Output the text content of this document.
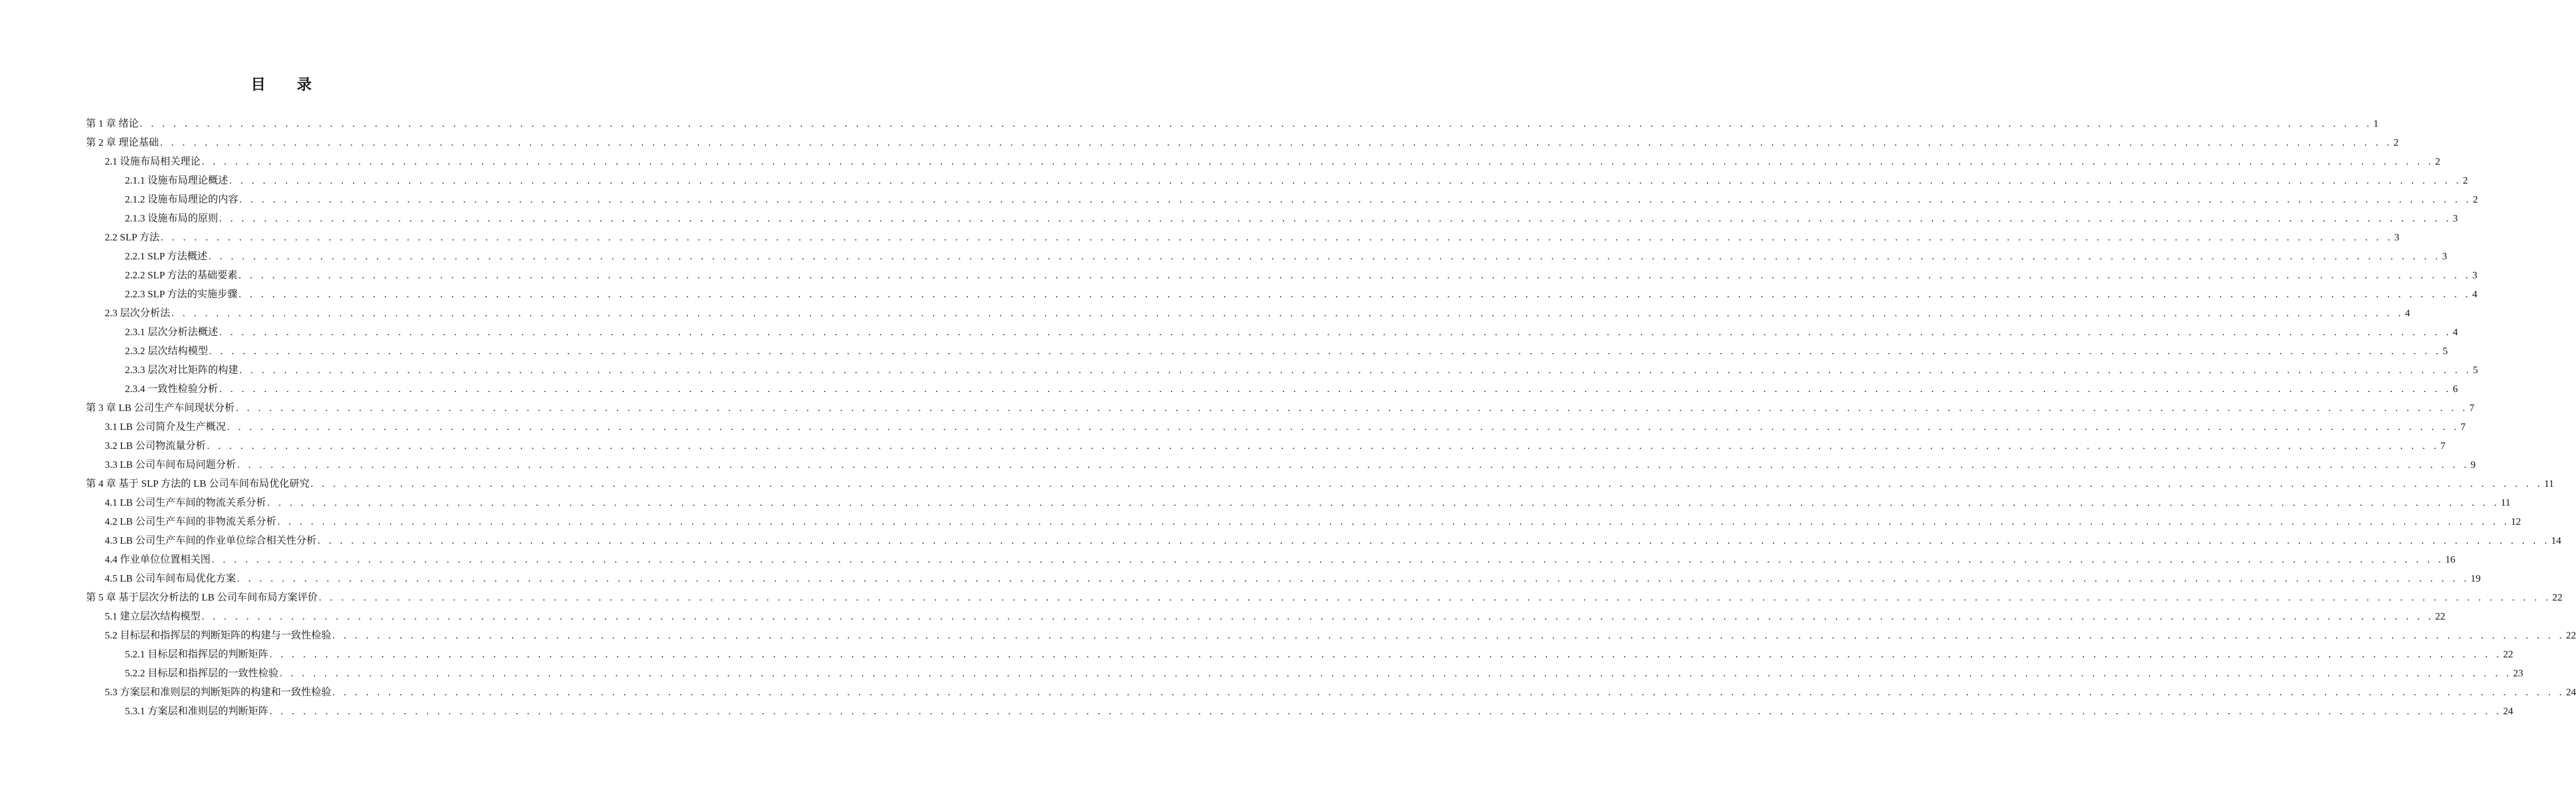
目 录
第 1 章 绪论 . . . . . . . . . . . . . . . . . . . . . . . . . . . . . . . . . . . . . . . . . . . . . . . . . . . . . . . . . . . . . . . . . . . . . . . . . . . . . . . . . . . . . . . . . . . . . . . . . . . . . . . . . . . . . . . . . . . . . . . . . . . . . . . . . . . . . . . . . . . . . . . . . . . . . . . . . . . . . . . . . . . . . . . . . . . . . . . . . . . . . . . . . . . . . . . . . . . . . . . . 1
第 2 章 理论基础 . . . . . . . . . . . . . . . . . . . . . . . . . . . . . . . . . . . . . . . . . . . . . . . . . . . . . . . . . . . . . . . . . . . . . . . . . . . . . . . . . . . . . . . . . . . . . . . . . . . . . . . . . . . . . . . . . . . . . . . . . . . . . . . . . . . . . . . . . . . . . . . . . . . . . . . . . . . . . . . . . . . . . . . . . . . . . . . . . . . . . . . . . . . . . . . . . . . . . . . . 2
2.1 设施布局相关理论 . . . . . . . . . . . . . . . . . . . . . . . . . . . . . . . . . . . . . . . . . . . . . . . . . . . . . . . . . . . . . . . . . . . . . . . . . . . . . . . . . . . . . . . . . . . . . . . . . . . . . . . . . . . . . . . . . . . . . . . . . . . . . . . . . . . . . . . . . . . . . . . . . . . . . . . . . . . . . . . . . . . . . . . . . . . . . . . . . . . . . . . . . . . . . . . . . . . . . . . . 2
2.1.1 设施布局理论概述 . . . . . . . . . . . . . . . . . . . . . . . . . . . . . . . . . . . . . . . . . . . . . . . . . . . . . . . . . . . . . . . . . . . . . . . . . . . . . . . . . . . . . . . . . . . . . . . . . . . . . . . . . . . . . . . . . . . . . . . . . . . . . . . . . . . . . . . . . . . . . . . . . . . . . . . . . . . . . . . . . . . . . . . . . . . . . . . . . . . . . . . . . . . . . . . . . . . . . . . . 2
2.1.2 设施布局理论的内容 . . . . . . . . . . . . . . . . . . . . . . . . . . . . . . . . . . . . . . . . . . . . . . . . . . . . . . . . . . . . . . . . . . . . . . . . . . . . . . . . . . . . . . . . . . . . . . . . . . . . . . . . . . . . . . . . . . . . . . . . . . . . . . . . . . . . . . . . . . . . . . . . . . . . . . . . . . . . . . . . . . . . . . . . . . . . . . . . . . . . . . . . . . . . . . . . . . . . . . . . 2
2.1.3 设施布局的原则 . . . . . . . . . . . . . . . . . . . . . . . . . . . . . . . . . . . . . . . . . . . . . . . . . . . . . . . . . . . . . . . . . . . . . . . . . . . . . . . . . . . . . . . . . . . . . . . . . . . . . . . . . . . . . . . . . . . . . . . . . . . . . . . . . . . . . . . . . . . . . . . . . . . . . . . . . . . . . . . . . . . . . . . . . . . . . . . . . . . . . . . . . . . . . . . . . . . . . . . . 3
2.2 SLP 方法 . . . . . . . . . . . . . . . . . . . . . . . . . . . . . . . . . . . . . . . . . . . . . . . . . . . . . . . . . . . . . . . . . . . . . . . . . . . . . . . . . . . . . . . . . . . . . . . . . . . . . . . . . . . . . . . . . . . . . . . . . . . . . . . . . . . . . . . . . . . . . . . . . . . . . . . . . . . . . . . . . . . . . . . . . . . . . . . . . . . . . . . . . . . . . . . . . . . . . . . . 3
2.2.1 SLP 方法概述 . . . . . . . . . . . . . . . . . . . . . . . . . . . . . . . . . . . . . . . . . . . . . . . . . . . . . . . . . . . . . . . . . . . . . . . . . . . . . . . . . . . . . . . . . . . . . . . . . . . . . . . . . . . . . . . . . . . . . . . . . . . . . . . . . . . . . . . . . . . . . . . . . . . . . . . . . . . . . . . . . . . . . . . . . . . . . . . . . . . . . . . . . . . . . . . . . . . . . . . . 3
2.2.2 SLP 方法的基础要素 . . . . . . . . . . . . . . . . . . . . . . . . . . . . . . . . . . . . . . . . . . . . . . . . . . . . . . . . . . . . . . . . . . . . . . . . . . . . . . . . . . . . . . . . . . . . . . . . . . . . . . . . . . . . . . . . . . . . . . . . . . . . . . . . . . . . . . . . . . . . . . . . . . . . . . . . . . . . . . . . . . . . . . . . . . . . . . . . . . . . . . . . . . . . . . . . . . . . . . . . 3
2.2.3 SLP 方法的实施步骤 . . . . . . . . . . . . . . . . . . . . . . . . . . . . . . . . . . . . . . . . . . . . . . . . . . . . . . . . . . . . . . . . . . . . . . . . . . . . . . . . . . . . . . . . . . . . . . . . . . . . . . . . . . . . . . . . . . . . . . . . . . . . . . . . . . . . . . . . . . . . . . . . . . . . . . . . . . . . . . . . . . . . . . . . . . . . . . . . . . . . . . . . . . . . . . . . . . . . . . . . 4
2.3 层次分析法 . . . . . . . . . . . . . . . . . . . . . . . . . . . . . . . . . . . . . . . . . . . . . . . . . . . . . . . . . . . . . . . . . . . . . . . . . . . . . . . . . . . . . . . . . . . . . . . . . . . . . . . . . . . . . . . . . . . . . . . . . . . . . . . . . . . . . . . . . . . . . . . . . . . . . . . . . . . . . . . . . . . . . . . . . . . . . . . . . . . . . . . . . . . . . . . . . . . . . . . . 4
2.3.1 层次分析法概述 . . . . . . . . . . . . . . . . . . . . . . . . . . . . . . . . . . . . . . . . . . . . . . . . . . . . . . . . . . . . . . . . . . . . . . . . . . . . . . . . . . . . . . . . . . . . . . . . . . . . . . . . . . . . . . . . . . . . . . . . . . . . . . . . . . . . . . . . . . . . . . . . . . . . . . . . . . . . . . . . . . . . . . . . . . . . . . . . . . . . . . . . . . . . . . . . . . . . . . . . 4
2.3.2 层次结构模型 . . . . . . . . . . . . . . . . . . . . . . . . . . . . . . . . . . . . . . . . . . . . . . . . . . . . . . . . . . . . . . . . . . . . . . . . . . . . . . . . . . . . . . . . . . . . . . . . . . . . . . . . . . . . . . . . . . . . . . . . . . . . . . . . . . . . . . . . . . . . . . . . . . . . . . . . . . . . . . . . . . . . . . . . . . . . . . . . . . . . . . . . . . . . . . . . . . . . . . . . 5
2.3.3 层次对比矩阵的构建 . . . . . . . . . . . . . . . . . . . . . . . . . . . . . . . . . . . . . . . . . . . . . . . . . . . . . . . . . . . . . . . . . . . . . . . . . . . . . . . . . . . . . . . . . . . . . . . . . . . . . . . . . . . . . . . . . . . . . . . . . . . . . . . . . . . . . . . . . . . . . . . . . . . . . . . . . . . . . . . . . . . . . . . . . . . . . . . . . . . . . . . . . . . . . . . . . . . . . . . . 5
2.3.4 一致性检验分析 . . . . . . . . . . . . . . . . . . . . . . . . . . . . . . . . . . . . . . . . . . . . . . . . . . . . . . . . . . . . . . . . . . . . . . . . . . . . . . . . . . . . . . . . . . . . . . . . . . . . . . . . . . . . . . . . . . . . . . . . . . . . . . . . . . . . . . . . . . . . . . . . . . . . . . . . . . . . . . . . . . . . . . . . . . . . . . . . . . . . . . . . . . . . . . . . . . . . . . . . 6
第 3 章 LB 公司生产车间现状分析 . . . . . . . . . . . . . . . . . . . . . . . . . . . . . . . . . . . . . . . . . . . . . . . . . . . . . . . . . . . . . . . . . . . . . . . . . . . . . . . . . . . . . . . . . . . . . . . . . . . . . . . . . . . . . . . . . . . . . . . . . . . . . . . . . . . . . . . . . . . . . . . . . . . . . . . . . . . . . . . . . . . . . . . . . . . . . . . . . . . . . . . . . . . . . . . . . . . . . . . . 7
3.1 LB 公司简介及生产概况 . . . . . . . . . . . . . . . . . . . . . . . . . . . . . . . . . . . . . . . . . . . . . . . . . . . . . . . . . . . . . . . . . . . . . . . . . . . . . . . . . . . . . . . . . . . . . . . . . . . . . . . . . . . . . . . . . . . . . . . . . . . . . . . . . . . . . . . . . . . . . . . . . . . . . . . . . . . . . . . . . . . . . . . . . . . . . . . . . . . . . . . . . . . . . . . . . . . . . . . . 7
3.2 LB 公司物流量分析 . . . . . . . . . . . . . . . . . . . . . . . . . . . . . . . . . . . . . . . . . . . . . . . . . . . . . . . . . . . . . . . . . . . . . . . . . . . . . . . . . . . . . . . . . . . . . . . . . . . . . . . . . . . . . . . . . . . . . . . . . . . . . . . . . . . . . . . . . . . . . . . . . . . . . . . . . . . . . . . . . . . . . . . . . . . . . . . . . . . . . . . . . . . . . . . . . . . . . . . . 7
3.3 LB 公司车间布局问题分析 . . . . . . . . . . . . . . . . . . . . . . . . . . . . . . . . . . . . . . . . . . . . . . . . . . . . . . . . . . . . . . . . . . . . . . . . . . . . . . . . . . . . . . . . . . . . . . . . . . . . . . . . . . . . . . . . . . . . . . . . . . . . . . . . . . . . . . . . . . . . . . . . . . . . . . . . . . . . . . . . . . . . . . . . . . . . . . . . . . . . . . . . . . . . . . . . . . . . . . . . 9
第 4 章 基于 SLP 方法的 LB 公司车间布局优化研究 . . . . . . . . . . . . . . . . . . . . . . . . . . . . . . . . . . . . . . . . . . . . . . . . . . . . . . . . . . . . . . . . . . . . . . . . . . . . . . . . . . . . . . . . . . . . . . . . . . . . . . . . . . . . . . . . . . . . . . . . . . . . . . . . . . . . . . . . . . . . . . . . . . . . . . . . . . . . . . . . . . . . . . . . . . . . . . . . . . . . . . . . . . . . . . . . . . . . . . . . 11
4.1 LB 公司生产车间的物流关系分析 . . . . . . . . . . . . . . . . . . . . . . . . . . . . . . . . . . . . . . . . . . . . . . . . . . . . . . . . . . . . . . . . . . . . . . . . . . . . . . . . . . . . . . . . . . . . . . . . . . . . . . . . . . . . . . . . . . . . . . . . . . . . . . . . . . . . . . . . . . . . . . . . . . . . . . . . . . . . . . . . . . . . . . . . . . . . . . . . . . . . . . . . . . . . . . . . . . . . . . . . 11
4.2 LB 公司生产车间的非物流关系分析 . . . . . . . . . . . . . . . . . . . . . . . . . . . . . . . . . . . . . . . . . . . . . . . . . . . . . . . . . . . . . . . . . . . . . . . . . . . . . . . . . . . . . . . . . . . . . . . . . . . . . . . . . . . . . . . . . . . . . . . . . . . . . . . . . . . . . . . . . . . . . . . . . . . . . . . . . . . . . . . . . . . . . . . . . . . . . . . . . . . . . . . . . . . . . . . . . . . . . . . . 12
4.3 LB 公司生产车间的作业单位综合相关性分析 . . . . . . . . . . . . . . . . . . . . . . . . . . . . . . . . . . . . . . . . . . . . . . . . . . . . . . . . . . . . . . . . . . . . . . . . . . . . . . . . . . . . . . . . . . . . . . . . . . . . . . . . . . . . . . . . . . . . . . . . . . . . . . . . . . . . . . . . . . . . . . . . . . . . . . . . . . . . . . . . . . . . . . . . . . . . . . . . . . . . . . . . . . . . . . . . . . . . . . . . 14
4.4 作业单位位置相关图 . . . . . . . . . . . . . . . . . . . . . . . . . . . . . . . . . . . . . . . . . . . . . . . . . . . . . . . . . . . . . . . . . . . . . . . . . . . . . . . . . . . . . . . . . . . . . . . . . . . . . . . . . . . . . . . . . . . . . . . . . . . . . . . . . . . . . . . . . . . . . . . . . . . . . . . . . . . . . . . . . . . . . . . . . . . . . . . . . . . . . . . . . . . . . . . . . . . . . . . . 16
4.5 LB 公司车间布局优化方案 . . . . . . . . . . . . . . . . . . . . . . . . . . . . . . . . . . . . . . . . . . . . . . . . . . . . . . . . . . . . . . . . . . . . . . . . . . . . . . . . . . . . . . . . . . . . . . . . . . . . . . . . . . . . . . . . . . . . . . . . . . . . . . . . . . . . . . . . . . . . . . . . . . . . . . . . . . . . . . . . . . . . . . . . . . . . . . . . . . . . . . . . . . . . . . . . . . . . . . . . 19
第 5 章 基于层次分析法的 LB 公司车间布局方案评价 . . . . . . . . . . . . . . . . . . . . . . . . . . . . . . . . . . . . . . . . . . . . . . . . . . . . . . . . . . . . . . . . . . . . . . . . . . . . . . . . . . . . . . . . . . . . . . . . . . . . . . . . . . . . . . . . . . . . . . . . . . . . . . . . . . . . . . . . . . . . . . . . . . . . . . . . . . . . . . . . . . . . . . . . . . . . . . . . . . . . . . . . . . . . . . . . . . . . . . . . 22
5.1 建立层次结构模型 . . . . . . . . . . . . . . . . . . . . . . . . . . . . . . . . . . . . . . . . . . . . . . . . . . . . . . . . . . . . . . . . . . . . . . . . . . . . . . . . . . . . . . . . . . . . . . . . . . . . . . . . . . . . . . . . . . . . . . . . . . . . . . . . . . . . . . . . . . . . . . . . . . . . . . . . . . . . . . . . . . . . . . . . . . . . . . . . . . . . . . . . . . . . . . . . . . . . . . . . 22
5.2 目标层和指挥层的判断矩阵的构建与一致性检验 . . . . . . . . . . . . . . . . . . . . . . . . . . . . . . . . . . . . . . . . . . . . . . . . . . . . . . . . . . . . . . . . . . . . . . . . . . . . . . . . . . . . . . . . . . . . . . . . . . . . . . . . . . . . . . . . . . . . . . . . . . . . . . . . . . . . . . . . . . . . . . . . . . . . . . . . . . . . . . . . . . . . . . . . . . . . . . . . . . . . . . . . . . . . . . . . . . . . . . . . 22
5.2.1 目标层和指挥层的判断矩阵 . . . . . . . . . . . . . . . . . . . . . . . . . . . . . . . . . . . . . . . . . . . . . . . . . . . . . . . . . . . . . . . . . . . . . . . . . . . . . . . . . . . . . . . . . . . . . . . . . . . . . . . . . . . . . . . . . . . . . . . . . . . . . . . . . . . . . . . . . . . . . . . . . . . . . . . . . . . . . . . . . . . . . . . . . . . . . . . . . . . . . . . . . . . . . . . . . . . . . . . . 22
5.2.2 目标层和指挥层的一致性检验 . . . . . . . . . . . . . . . . . . . . . . . . . . . . . . . . . . . . . . . . . . . . . . . . . . . . . . . . . . . . . . . . . . . . . . . . . . . . . . . . . . . . . . . . . . . . . . . . . . . . . . . . . . . . . . . . . . . . . . . . . . . . . . . . . . . . . . . . . . . . . . . . . . . . . . . . . . . . . . . . . . . . . . . . . . . . . . . . . . . . . . . . . . . . . . . . . . . . . . . . 23
5.3 方案层和准则层的判断矩阵的构建和一致性检验 . . . . . . . . . . . . . . . . . . . . . . . . . . . . . . . . . . . . . . . . . . . . . . . . . . . . . . . . . . . . . . . . . . . . . . . . . . . . . . . . . . . . . . . . . . . . . . . . . . . . . . . . . . . . . . . . . . . . . . . . . . . . . . . . . . . . . . . . . . . . . . . . . . . . . . . . . . . . . . . . . . . . . . . . . . . . . . . . . . . . . . . . . . . . . . . . . . . . . . . . 24
5.3.1 方案层和准则层的判断矩阵 . . . . . . . . . . . . . . . . . . . . . . . . . . . . . . . . . . . . . . . . . . . . . . . . . . . . . . . . . . . . . . . . . . . . . . . . . . . . . . . . . . . . . . . . . . . . . . . . . . . . . . . . . . . . . . . . . . . . . . . . . . . . . . . . . . . . . . . . . . . . . . . . . . . . . . . . . . . . . . . . . . . . . . . . . . . . . . . . . . . . . . . . . . . . . . . . . . . . . . . . 24
